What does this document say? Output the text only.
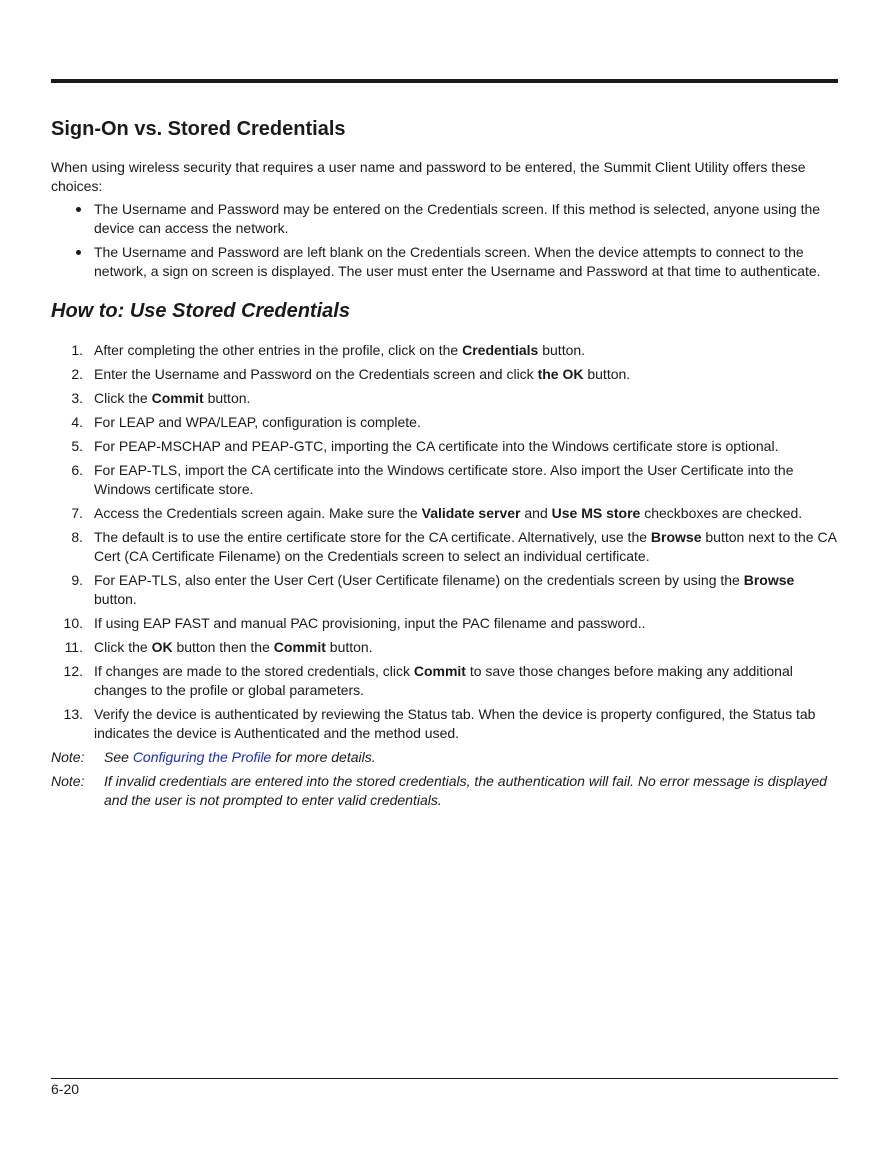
Sign-On vs. Stored Credentials

When using wireless security that requires a user name and password to be entered, the Summit Client Utility offers these choices:

The Username and Password may be entered on the Credentials screen. If this method is selected, anyone using the device can access the network.
The Username and Password are left blank on the Credentials screen. When the device attempts to connect to the network, a sign on screen is displayed. The user must enter the Username and Password at that time to authenticate.
How to: Use Stored Credentials
1. After completing the other entries in the profile, click on the Credentials button.
2. Enter the Username and Password on the Credentials screen and click the OK button.
3. Click the Commit button.
4. For LEAP and WPA/LEAP, configuration is complete.
5. For PEAP-MSCHAP and PEAP-GTC, importing the CA certificate into the Windows certificate store is optional.
6. For EAP-TLS, import the CA certificate into the Windows certificate store. Also import the User Certificate into the Windows certificate store.
7. Access the Credentials screen again. Make sure the Validate server and Use MS store checkboxes are checked.
8. The default is to use the entire certificate store for the CA certificate. Alternatively, use the Browse button next to the CA Cert (CA Certificate Filename) on the Credentials screen to select an individual certificate.
9. For EAP-TLS, also enter the User Cert (User Certificate filename) on the credentials screen by using the Browse button.
10. If using EAP FAST and manual PAC provisioning, input the PAC filename and password..
11. Click the OK button then the Commit button.
12. If changes are made to the stored credentials, click Commit to save those changes before making any additional changes to the profile or global parameters.
13. Verify the device is authenticated by reviewing the Status tab. When the device is property configured, the Status tab indicates the device is Authenticated and the method used.
Note: See Configuring the Profile for more details.
Note: If invalid credentials are entered into the stored credentials, the authentication will fail. No error message is displayed and the user is not prompted to enter valid credentials.
6-20
